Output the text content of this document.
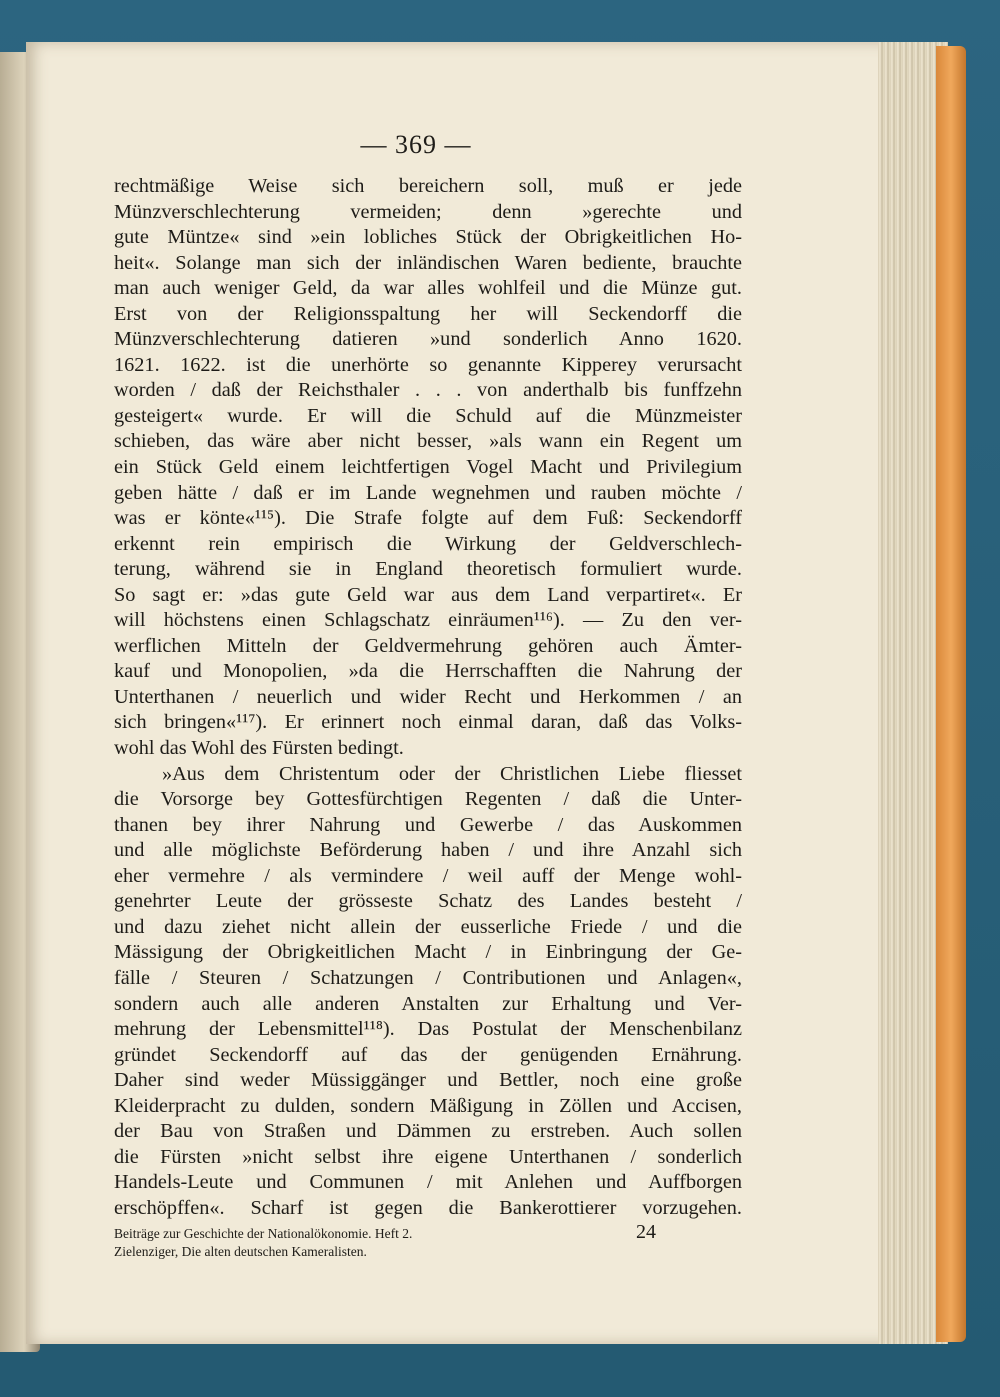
— 369 —
rechtmäßige Weise sich bereichern soll, muß er jede
Münzverschlechterung vermeiden; denn »gerechte und
gute Müntze« sind »ein lobliches Stück der Obrigkeitlichen Ho-
heit«. Solange man sich der inländischen Waren bediente, brauchte
man auch weniger Geld, da war alles wohlfeil und die Münze gut.
Erst von der Religionsspaltung her will Seckendorff die
Münzverschlechterung datieren »und sonderlich Anno 1620.
1621. 1622. ist die unerhörte so genannte Kipperey verursacht
worden / daß der Reichsthaler . . . von anderthalb bis funffzehn
gesteigert« wurde. Er will die Schuld auf die Münzmeister
schieben, das wäre aber nicht besser, »als wann ein Regent um
ein Stück Geld einem leichtfertigen Vogel Macht und Privilegium
geben hätte / daß er im Lande wegnehmen und rauben möchte /
was er könte«¹¹⁵). Die Strafe folgte auf dem Fuß: Seckendorff
erkennt rein empirisch die Wirkung der Geldverschlech-
terung, während sie in England theoretisch formuliert wurde.
So sagt er: »das gute Geld war aus dem Land verpartiret«. Er
will höchstens einen Schlagschatz einräumen¹¹⁶). — Zu den ver-
werflichen Mitteln der Geldvermehrung gehören auch Ämter-
kauf und Monopolien, »da die Herrschafften die Nahrung der
Unterthanen / neuerlich und wider Recht und Herkommen / an
sich bringen«¹¹⁷). Er erinnert noch einmal daran, daß das Volks-
wohl das Wohl des Fürsten bedingt.
»Aus dem Christentum oder der Christlichen Liebe fliesset
die Vorsorge bey Gottesfürchtigen Regenten / daß die Unter-
thanen bey ihrer Nahrung und Gewerbe / das Auskommen
und alle möglichste Beförderung haben / und ihre Anzahl sich
eher vermehre / als vermindere / weil auff der Menge wohl-
genehrter Leute der grösseste Schatz des Landes besteht /
und dazu ziehet nicht allein der eusserliche Friede / und die
Mässigung der Obrigkeitlichen Macht / in Einbringung der Ge-
fälle / Steuren / Schatzungen / Contributionen und Anlagen«,
sondern auch alle anderen Anstalten zur Erhaltung und Ver-
mehrung der Lebensmittel¹¹⁸). Das Postulat der Menschenbilanz
gründet Seckendorff auf das der genügenden Ernährung.
Daher sind weder Müssiggänger und Bettler, noch eine große
Kleiderpracht zu dulden, sondern Mäßigung in Zöllen und Accisen,
der Bau von Straßen und Dämmen zu erstreben. Auch sollen
die Fürsten »nicht selbst ihre eigene Unterthanen / sonderlich
Handels-Leute und Communen / mit Anlehen und Auffborgen
erschöpffen«. Scharf ist gegen die Bankerottierer vorzugehen.
Beiträge zur Geschichte der Nationalökonomie. Heft 2.
Zielenziger, Die alten deutschen Kameralisten.
24
